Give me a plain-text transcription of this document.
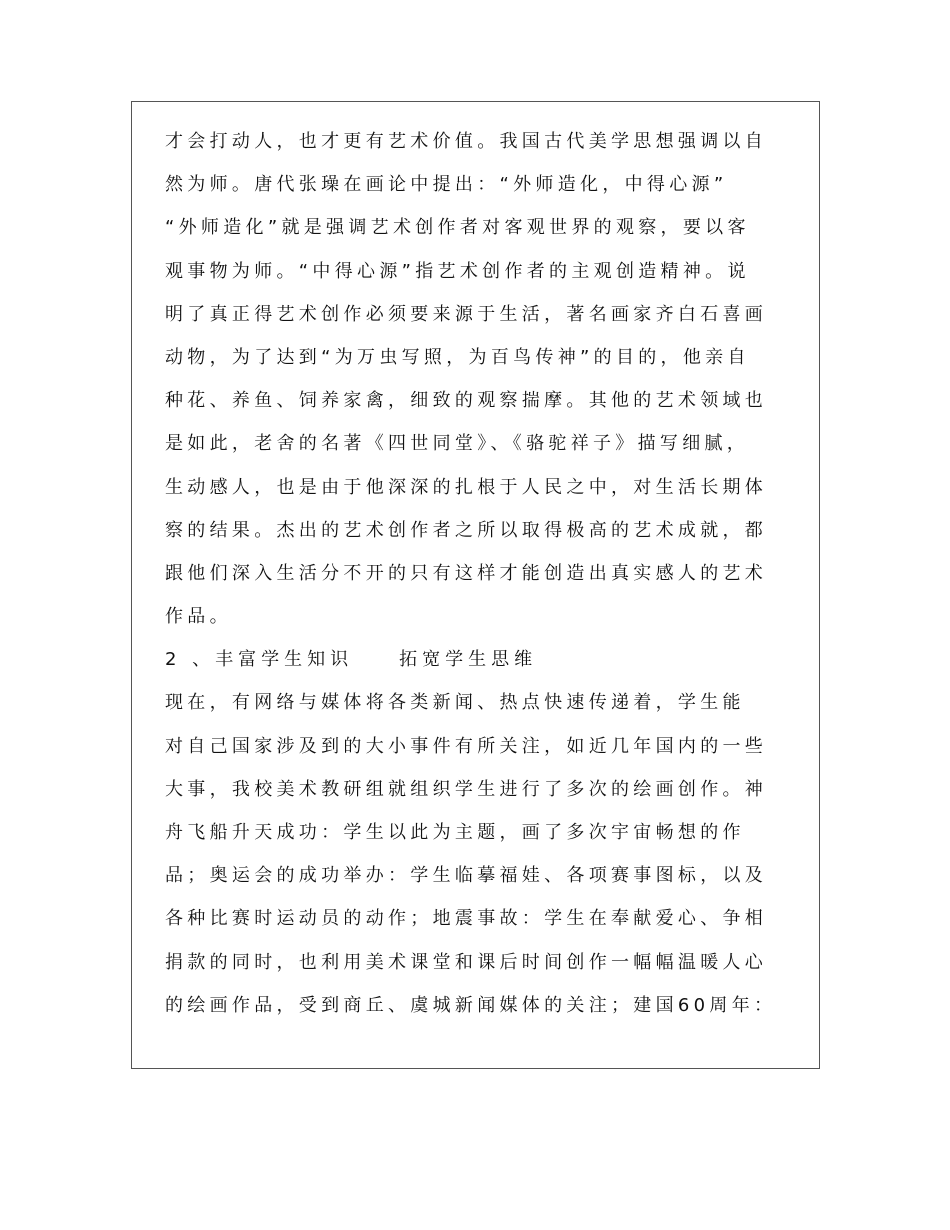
才会打动人，也才更有艺术价值。我国古代美学思想强调以自
然为师。唐代张璪在画论中提出：“外师造化，中得心源”
“外师造化”就是强调艺术创作者对客观世界的观察，要以客
观事物为师。“中得心源”指艺术创作者的主观创造精神。说
明了真正得艺术创作必须要来源于生活，著名画家齐白石喜画
动物，为了达到“为万虫写照，为百鸟传神”的目的，他亲自
种花、养鱼、饲养家禽，细致的观察揣摩。其他的艺术领域也
是如此，老舍的名著《四世同堂》、《骆驼祥子》描写细腻，
生动感人，也是由于他深深的扎根于人民之中，对生活长期体
察的结果。杰出的艺术创作者之所以取得极高的艺术成就，都
跟他们深入生活分不开的只有这样才能创造出真实感人的艺术
作品。
2 、丰富学生知识　　拓宽学生思维
现在，有网络与媒体将各类新闻、热点快速传递着，学生能
对自己国家涉及到的大小事件有所关注，如近几年国内的一些
大事，我校美术教研组就组织学生进行了多次的绘画创作。神
舟飞船升天成功：学生以此为主题，画了多次宇宙畅想的作
品；奥运会的成功举办：学生临摹福娃、各项赛事图标，以及
各种比赛时运动员的动作；地震事故：学生在奉献爱心、争相
捐款的同时，也利用美术课堂和课后时间创作一幅幅温暖人心
的绘画作品，受到商丘、虞城新闻媒体的关注；建国60周年：
